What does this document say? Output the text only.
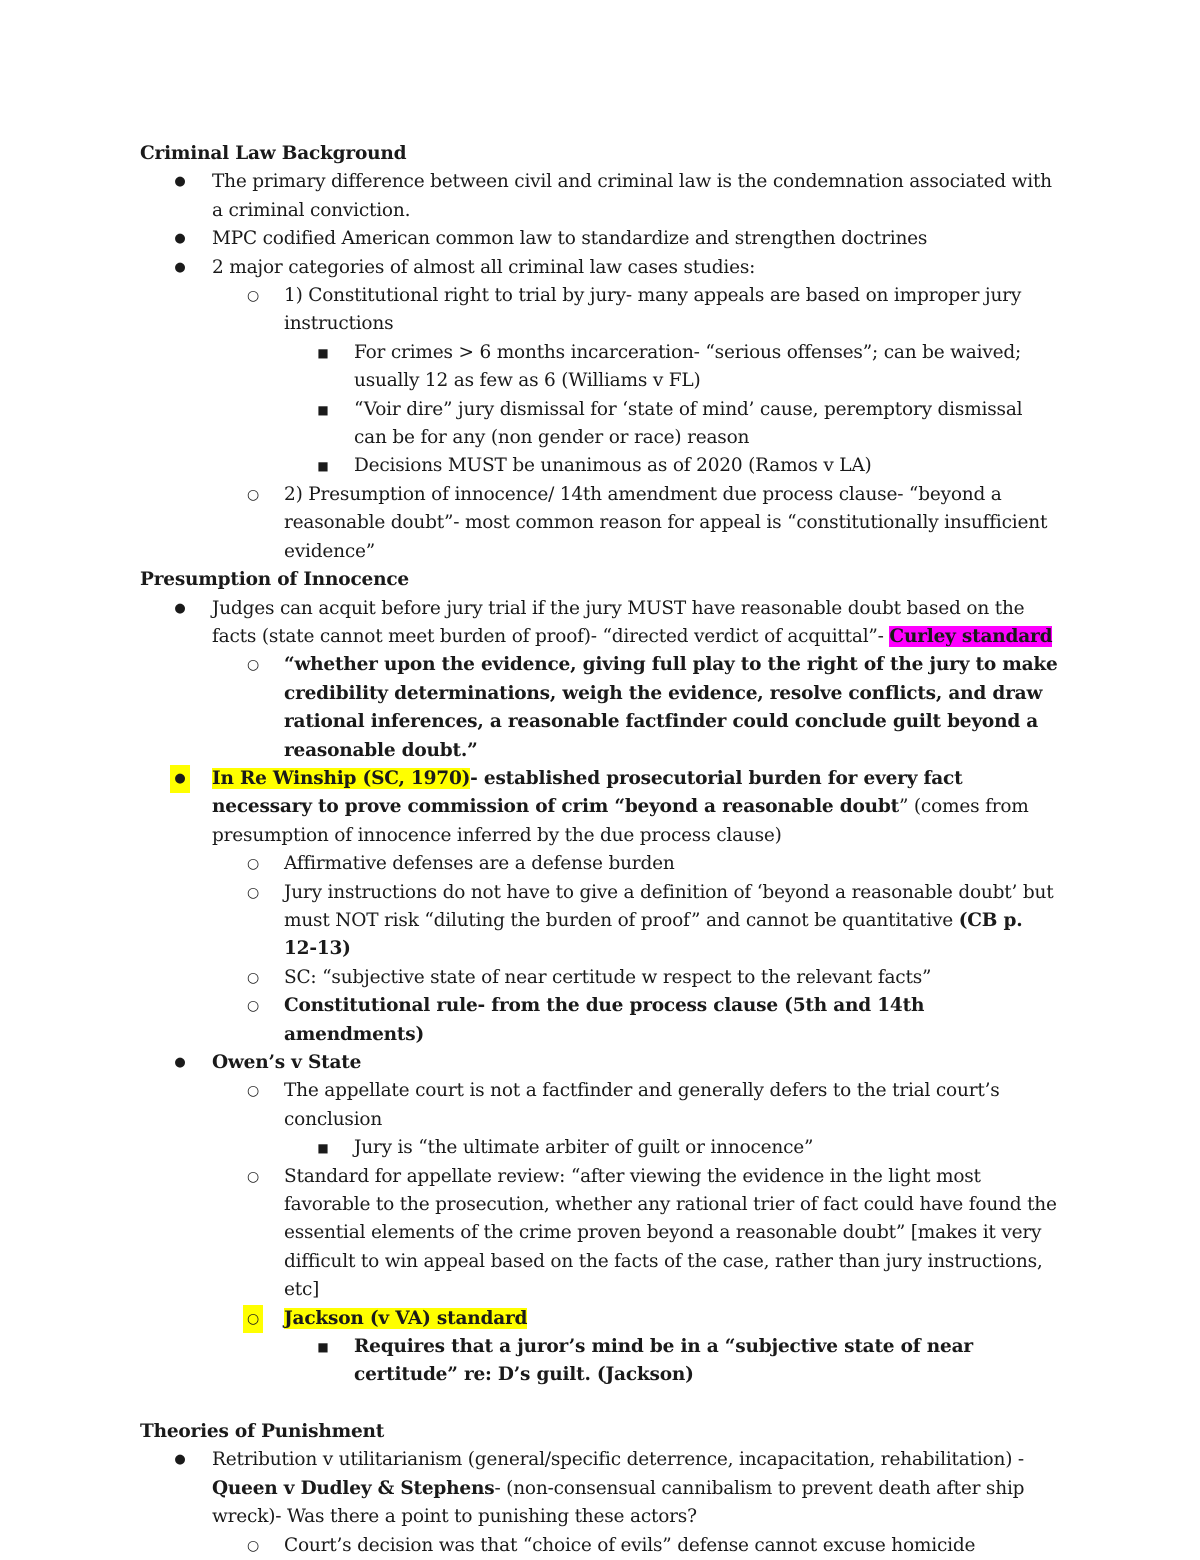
Criminal Law Background
● The primary difference between civil and criminal law is the condemnation associated with a criminal conviction.
● MPC codified American common law to standardize and strengthen doctrines
● 2 major categories of almost all criminal law cases studies:
○ 1) Constitutional right to trial by jury- many appeals are based on improper jury instructions
■ For crimes > 6 months incarceration- “serious offenses”; can be waived; usually 12 as few as 6 (Williams v FL)
■ “Voir dire” jury dismissal for ‘state of mind’ cause, peremptory dismissal can be for any (non gender or race) reason
■ Decisions MUST be unanimous as of 2020 (Ramos v LA)
○ 2) Presumption of innocence/ 14th amendment due process clause- “beyond a reasonable doubt”- most common reason for appeal is “constitutionally insufficient evidence”
Presumption of Innocence
● Judges can acquit before jury trial if the jury MUST have reasonable doubt based on the facts (state cannot meet burden of proof)- “directed verdict of acquittal”- Curley standard
○ “whether upon the evidence, giving full play to the right of the jury to make credibility determinations, weigh the evidence, resolve conflicts, and draw rational inferences, a reasonable factfinder could conclude guilt beyond a reasonable doubt.”
● In Re Winship (SC, 1970)- established prosecutorial burden for every fact necessary to prove commission of crim “beyond a reasonable doubt” (comes from presumption of innocence inferred by the due process clause)
○ Affirmative defenses are a defense burden
○ Jury instructions do not have to give a definition of ‘beyond a reasonable doubt’ but must NOT risk “diluting the burden of proof” and cannot be quantitative (CB p. 12-13)
○ SC: “subjective state of near certitude w respect to the relevant facts”
○ Constitutional rule- from the due process clause (5th and 14th amendments)
● Owen’s v State
○ The appellate court is not a factfinder and generally defers to the trial court’s conclusion
■ Jury is “the ultimate arbiter of guilt or innocence”
○ Standard for appellate review: “after viewing the evidence in the light most favorable to the prosecution, whether any rational trier of fact could have found the essential elements of the crime proven beyond a reasonable doubt” [makes it very difficult to win appeal based on the facts of the case, rather than jury instructions, etc]
○ Jackson (v VA) standard
■ Requires that a juror’s mind be in a “subjective state of near certitude” re: D’s guilt. (Jackson)
Theories of Punishment
● Retribution v utilitarianism (general/specific deterrence, incapacitation, rehabilitation) -Queen v Dudley & Stephens- (non-consensual cannibalism to prevent death after ship wreck)- Was there a point to punishing these actors?
○ Court’s decision was that “choice of evils” defense cannot excuse homicide
